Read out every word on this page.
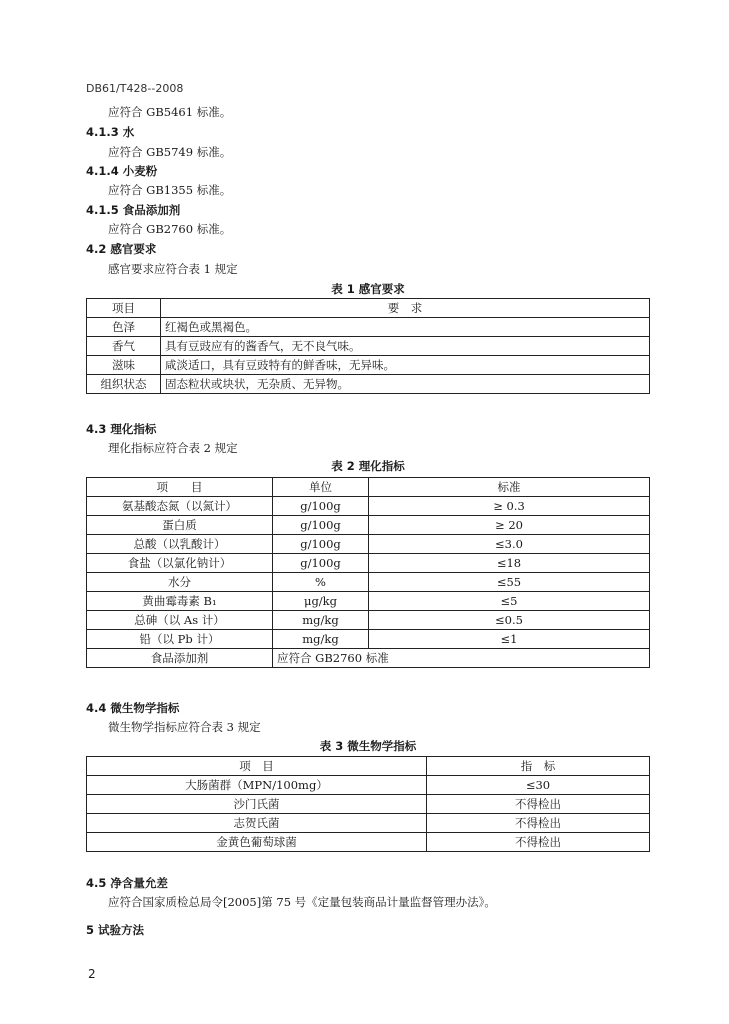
DB61/T428--2008
应符合 GB5461 标准。
4.1.3 水
应符合 GB5749 标准。
4.1.4 小麦粉
应符合 GB1355 标准。
4.1.5 食品添加剂
应符合 GB2760 标准。
4.2 感官要求
感官要求应符合表 1 规定
表 1 感官要求
项目	要　求
色泽	红褐色或黑褐色。
香气	具有豆豉应有的酱香气，无不良气味。
滋味	咸淡适口，具有豆豉特有的鲜香味，无异味。
组织状态	固态粒状或块状，无杂质、无异物。
4.3 理化指标
理化指标应符合表 2 规定
表 2 理化指标
项　　目	单位	标准
氨基酸态氮（以氮计）	g/100g	≥ 0.3
蛋白质	g/100g	≥ 20
总酸（以乳酸计）	g/100g	≤3.0
食盐（以氯化钠计）	g/100g	≤18
水分	%	≤55
黄曲霉毒素 B₁	μg/kg	≤5
总砷（以 As 计）	mg/kg	≤0.5
铅（以 Pb 计）	mg/kg	≤1
食品添加剂	应符合 GB2760 标准	
4.4 微生物学指标
微生物学指标应符合表 3 规定
表 3 微生物学指标
项　目	指　标
大肠菌群（MPN/100mg）	≤30
沙门氏菌	不得检出
志贺氏菌	不得检出
金黄色葡萄球菌	不得检出
4.5 净含量允差
应符合国家质检总局令[2005]第 75 号《定量包装商品计量监督管理办法》。
5 试验方法
2
